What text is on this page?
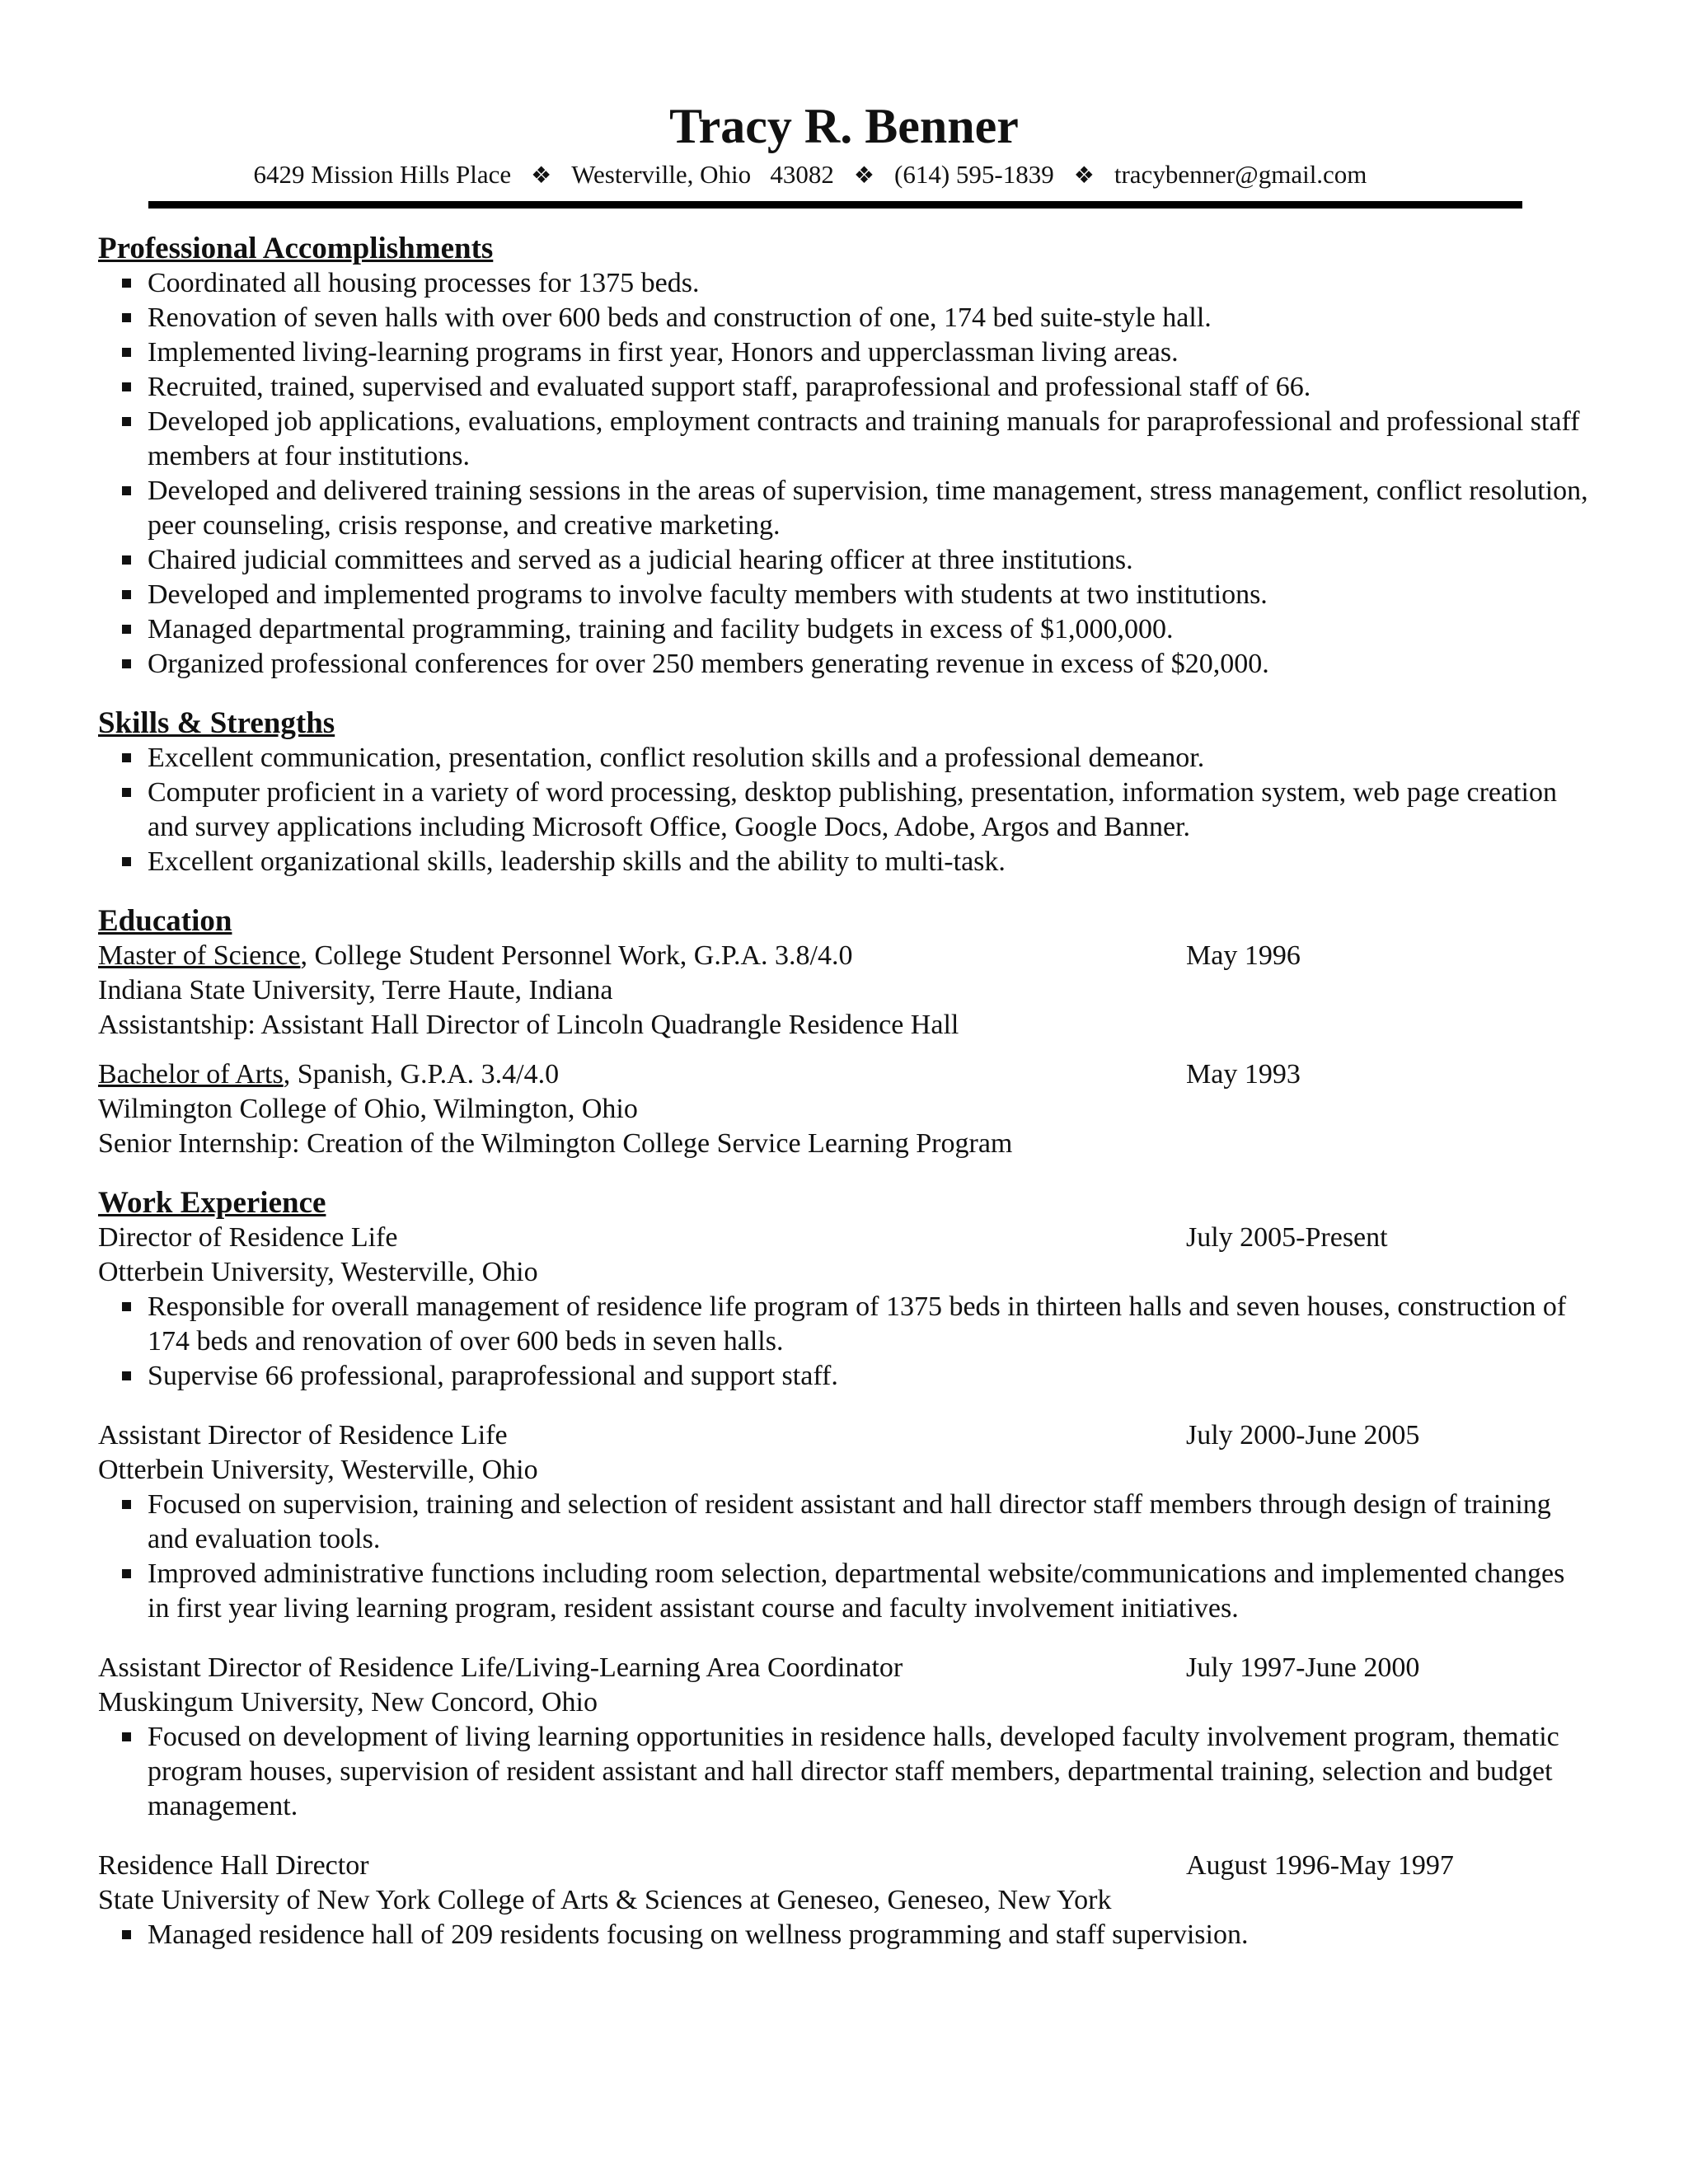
Tracy R. Benner
6429 Mission Hills Place ❖ Westerville, Ohio 43082 ❖ (614) 595-1839 ❖ tracybenner@gmail.com
Professional Accomplishments
Coordinated all housing processes for 1375 beds.
Renovation of seven halls with over 600 beds and construction of one, 174 bed suite-style hall.
Implemented living-learning programs in first year, Honors and upperclassman living areas.
Recruited, trained, supervised and evaluated support staff, paraprofessional and professional staff of 66.
Developed job applications, evaluations, employment contracts and training manuals for paraprofessional and professional staff members at four institutions.
Developed and delivered training sessions in the areas of supervision, time management, stress management, conflict resolution, peer counseling, crisis response, and creative marketing.
Chaired judicial committees and served as a judicial hearing officer at three institutions.
Developed and implemented programs to involve faculty members with students at two institutions.
Managed departmental programming, training and facility budgets in excess of $1,000,000.
Organized professional conferences for over 250 members generating revenue in excess of $20,000.
Skills & Strengths
Excellent communication, presentation, conflict resolution skills and a professional demeanor.
Computer proficient in a variety of word processing, desktop publishing, presentation, information system, web page creation and survey applications including Microsoft Office, Google Docs, Adobe, Argos and Banner.
Excellent organizational skills, leadership skills and the ability to multi-task.
Education
Master of Science, College Student Personnel Work, G.P.A. 3.8/4.0	May 1996
Indiana State University, Terre Haute, Indiana
Assistantship: Assistant Hall Director of Lincoln Quadrangle Residence Hall
Bachelor of Arts, Spanish, G.P.A. 3.4/4.0	May 1993
Wilmington College of Ohio, Wilmington, Ohio
Senior Internship: Creation of the Wilmington College Service Learning Program
Work Experience
Director of Residence Life	July 2005-Present
Otterbein University, Westerville, Ohio
Responsible for overall management of residence life program of 1375 beds in thirteen halls and seven houses, construction of 174 beds and renovation of over 600 beds in seven halls.
Supervise 66 professional, paraprofessional and support staff.
Assistant Director of Residence Life	July 2000-June 2005
Otterbein University, Westerville, Ohio
Focused on supervision, training and selection of resident assistant and hall director staff members through design of training and evaluation tools.
Improved administrative functions including room selection, departmental website/communications and implemented changes in first year living learning program, resident assistant course and faculty involvement initiatives.
Assistant Director of Residence Life/Living-Learning Area Coordinator	July 1997-June 2000
Muskingum University, New Concord, Ohio
Focused on development of living learning opportunities in residence halls, developed faculty involvement program, thematic program houses, supervision of resident assistant and hall director staff members, departmental training, selection and budget management.
Residence Hall Director	August 1996-May 1997
State University of New York College of Arts & Sciences at Geneseo, Geneseo, New York
Managed residence hall of 209 residents focusing on wellness programming and staff supervision.
